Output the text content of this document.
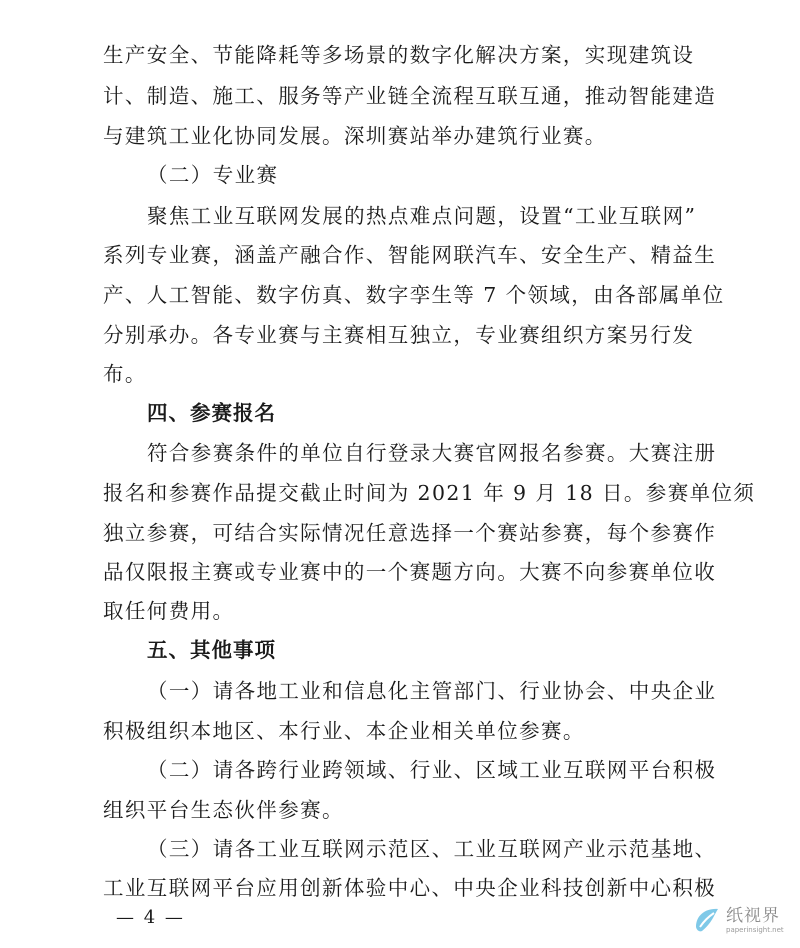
生产安全、节能降耗等多场景的数字化解决方案，实现建筑设
计、制造、施工、服务等产业链全流程互联互通，推动智能建造
与建筑工业化协同发展。深圳赛站举办建筑行业赛。
（二）专业赛
聚焦工业互联网发展的热点难点问题，设置“工业互联网”
系列专业赛，涵盖产融合作、智能网联汽车、安全生产、精益生
产、人工智能、数字仿真、数字孪生等 7 个领域，由各部属单位
分别承办。各专业赛与主赛相互独立，专业赛组织方案另行发
布。
四、参赛报名
符合参赛条件的单位自行登录大赛官网报名参赛。大赛注册
报名和参赛作品提交截止时间为 2021 年 9 月 18 日。参赛单位须
独立参赛，可结合实际情况任意选择一个赛站参赛，每个参赛作
品仅限报主赛或专业赛中的一个赛题方向。大赛不向参赛单位收
取任何费用。
五、其他事项
（一）请各地工业和信息化主管部门、行业协会、中央企业
积极组织本地区、本行业、本企业相关单位参赛。
（二）请各跨行业跨领域、行业、区域工业互联网平台积极
组织平台生态伙伴参赛。
（三）请各工业互联网示范区、工业互联网产业示范基地、
工业互联网平台应用创新体验中心、中央企业科技创新中心积极
— 4 —	纸视界
paperinsight.net
